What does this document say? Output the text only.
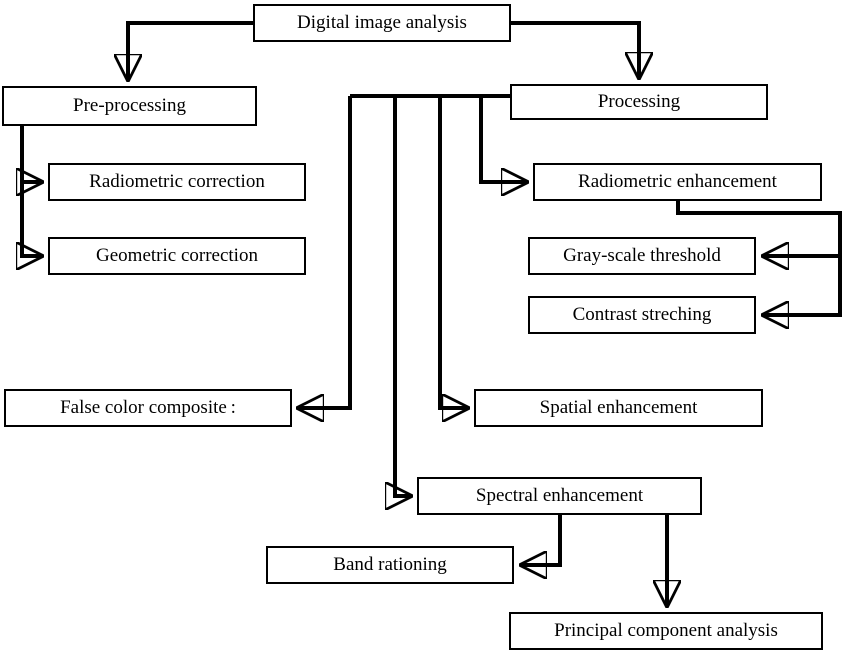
Digital image analysis
Pre-processing	Processing
Radiometric correction
Geometric correction
Radiometric enhancement
Gray-scale threshold
Contrast streching
False color composite :	Spatial enhancement
Spectral enhancement
Band rationing
Principal component analysis
